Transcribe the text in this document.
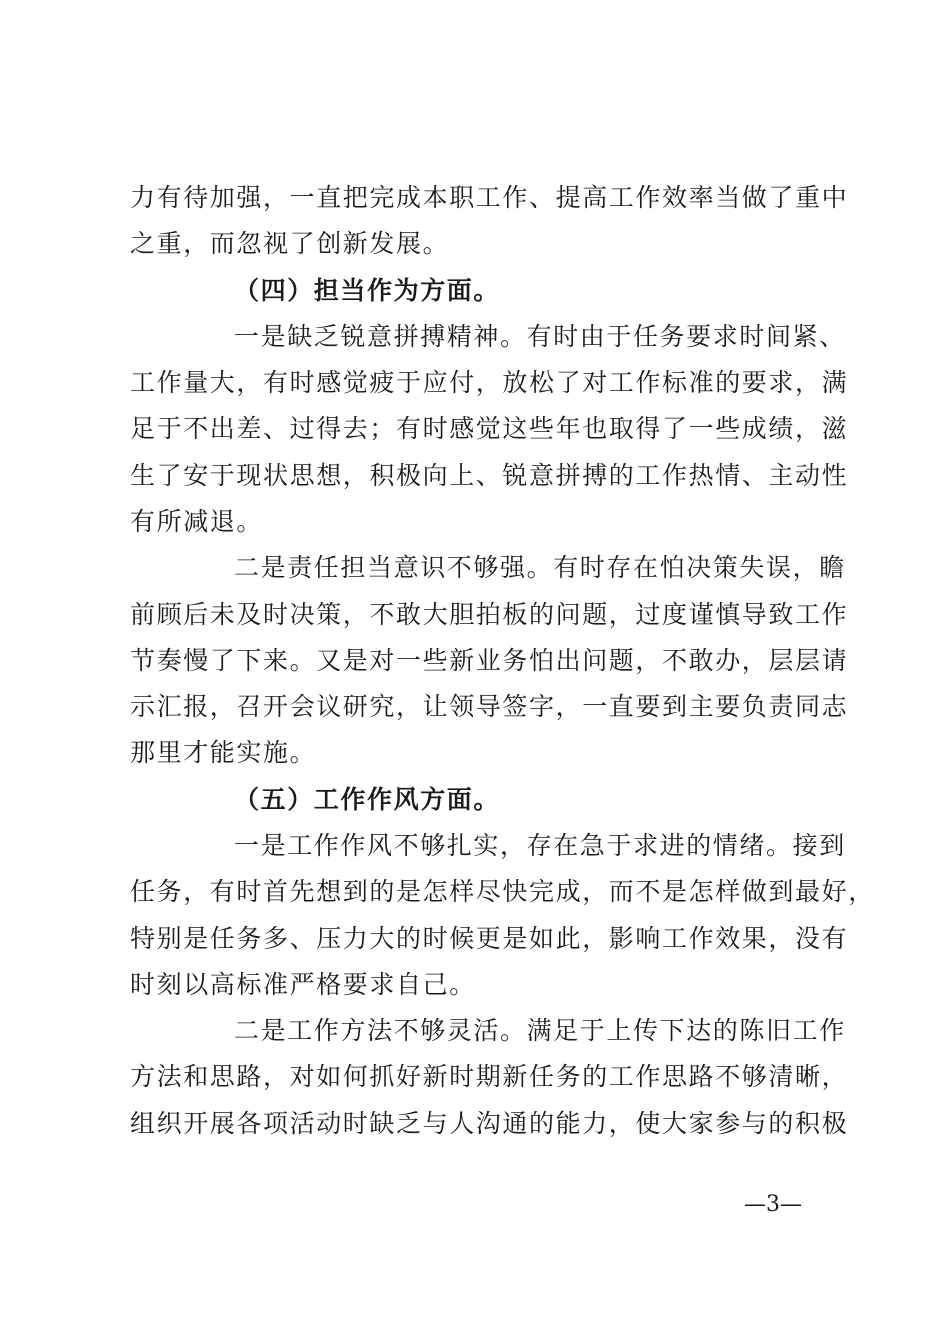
力有待加强，一直把完成本职工作、提高工作效率当做了重中
之重，而忽视了创新发展。
（四）担当作为方面。
一是缺乏锐意拼搏精神。有时由于任务要求时间紧、
工作量大，有时感觉疲于应付，放松了对工作标准的要求，满
足于不出差、过得去；有时感觉这些年也取得了一些成绩，滋
生了安于现状思想，积极向上、锐意拼搏的工作热情、主动性
有所减退。
二是责任担当意识不够强。有时存在怕决策失误，瞻
前顾后未及时决策，不敢大胆拍板的问题，过度谨慎导致工作
节奏慢了下来。又是对一些新业务怕出问题，不敢办，层层请
示汇报，召开会议研究，让领导签字，一直要到主要负责同志
那里才能实施。
（五）工作作风方面。
一是工作作风不够扎实，存在急于求进的情绪。接到
任务，有时首先想到的是怎样尽快完成，而不是怎样做到最好，
特别是任务多、压力大的时候更是如此，影响工作效果，没有
时刻以高标准严格要求自己。
二是工作方法不够灵活。满足于上传下达的陈旧工作
方法和思路，对如何抓好新时期新任务的工作思路不够清晰，
组织开展各项活动时缺乏与人沟通的能力，使大家参与的积极
—3—
